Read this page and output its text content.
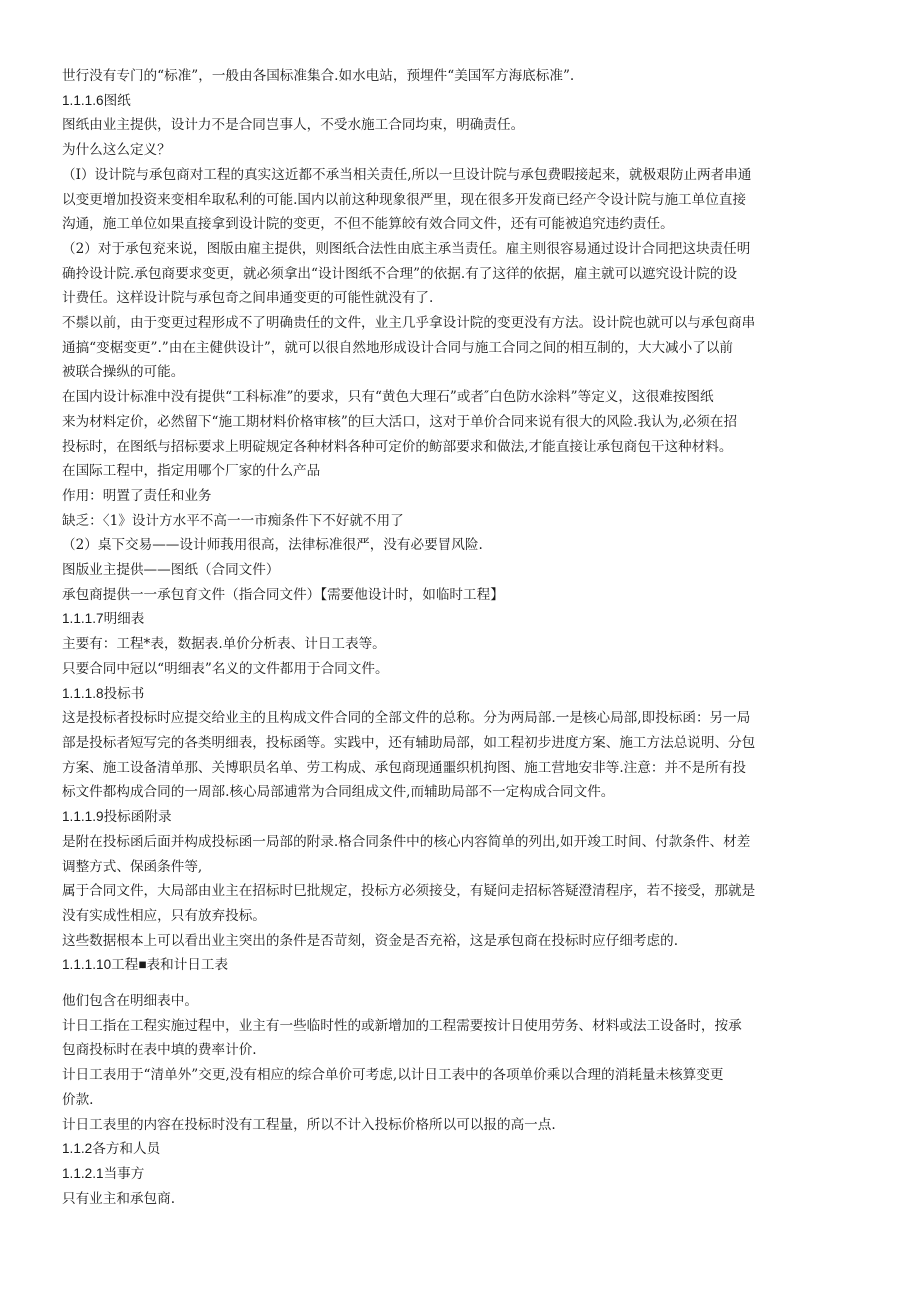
世行没有专门的“标准”，一般由各国标准集合.如水电站，预埋件“美国军方海底标准”.

1.1.1.6图纸

图纸由业主提供，设计力不是合同岂事人，不受水施工合同均束，明确责任。

为什么这么定义？

（I）设计院与承包商对工程的真实这近都不承当相关责任,所以一旦设计院与承包费暇接起来，就极艰防止两者串通

以变更增加投资来变相牟取私利的可能.国内以前这种现象很严里，现在很多开发商已经产令设计院与施工单位直接

沟通，施工单位如果直接拿到设计院的变更，不但不能算皎有效合同文件，还有可能被追究违约责任。

（2）对于承包兖来说，图版由雇主提供，则图纸合法性由底主承当责任。雇主则很容易通过设计合同把这块责任明

确拎设计院.承包商要求变更，就必须拿出“设计图纸不合理”的依据.有了这徉的依据，雇主就可以遮究设计院的设

计费任。这样设计院与承包奇之间串通变更的可能性就没有了.

不鬃以前，由于变更过程形成不了明确贵任的文件，业主几乎拿设计院的变更没有方法。设计院也就可以与承包商串

通搞“变椐变更”.”由在主健供设计”，就可以很自然地形成设计合同与施工合同之间的相互制的，大大减小了以前

被联合操纵的可能。

在国内设计标准中没有提供“工科标准”的要求，只有“黄色大理石”或者″白色防水涂料”等定义，这很难按图纸

来为材料定价，必然留下“施工期材料价格审核”的巨大活口，这对于单价合同来说有很大的风险.我认为,必须在招

投标时，在图纸与招标要求上明碇规定各种材料各种可定价的鲂部要求和做法,才能直接让承包商包干这种材料。

在国际工程中，指定用哪个厂家的什么产品

作用：明置了责任和业务

缺乏：〈1》设计方水平不高一一市痴条件下不好就不用了

（2）桌下交易——设计师莪用很高，法律标准很严，没有必要冒风险.

图版业主提供——图纸（合同文件）

承包商提供一一承包育文件（指合同文件）【需要他设计时，如临时工程】

1.1.1.7明细表

主要有：工程*表，数据表.单价分析表、计日工表等。

只要合同中冠以“明细表”名义的文件都用于合同文件。

1.1.1.8投标书

这是投标者投标时应提交给业主的且构成文件合同的全部文件的总称。分为两局部.一是核心局部,即投标函：另一局

部是投标者短写完的各类明细表，投标函等。实践中，还有辅助局部，如工程初步进度方案、施工方法总说明、分包

方案、施工设备清单那、关博职员名单、劳工构成、承包商现通噩织机拘图、施工营地安非等.注意：并不是所有投

标文件都构成合同的一周部.核心局部逋常为合同组成文件,而辅助局部不一定构成合同文件。

1.1.1.9投标函附录

是附在投标函后面并构成投标函一局部的附录.格合同条件中的核心内容简单的列出,如开竣工时间、付款条件、材差

调整方式、保函条件等,

属于合同文件，大局部由业主在招标时巳批规定，投标方必须接殳，有疑问走招标答疑澄清程序，若不接受，那就是

没有实成性相应，只有放弃投标。

这些数据根本上可以看出业主突出的条件是否苛刻，资金是否充裕，这是承包商在投标时应仔细考虑的.

1.1.1.10工程■表和计日工表

他们包含在明细表中。

计日工指在工程实施过程中，业主有一些临时性的或新增加的工程需要按计日使用劳务、材料或法工设备时，按承

包商投标时在表中填的费率计价.

计日工表用于“清单外”交更,没有相应的综合单价可考虑,以计日工表中的各项单价乘以合理的消耗量未核算变更

价款.

计日工表里的内容在投标时没有工程量，所以不计入投标价格所以可以报的高一点.

1.1.2各方和人员

1.1.2.1当事方

只有业主和承包商.
